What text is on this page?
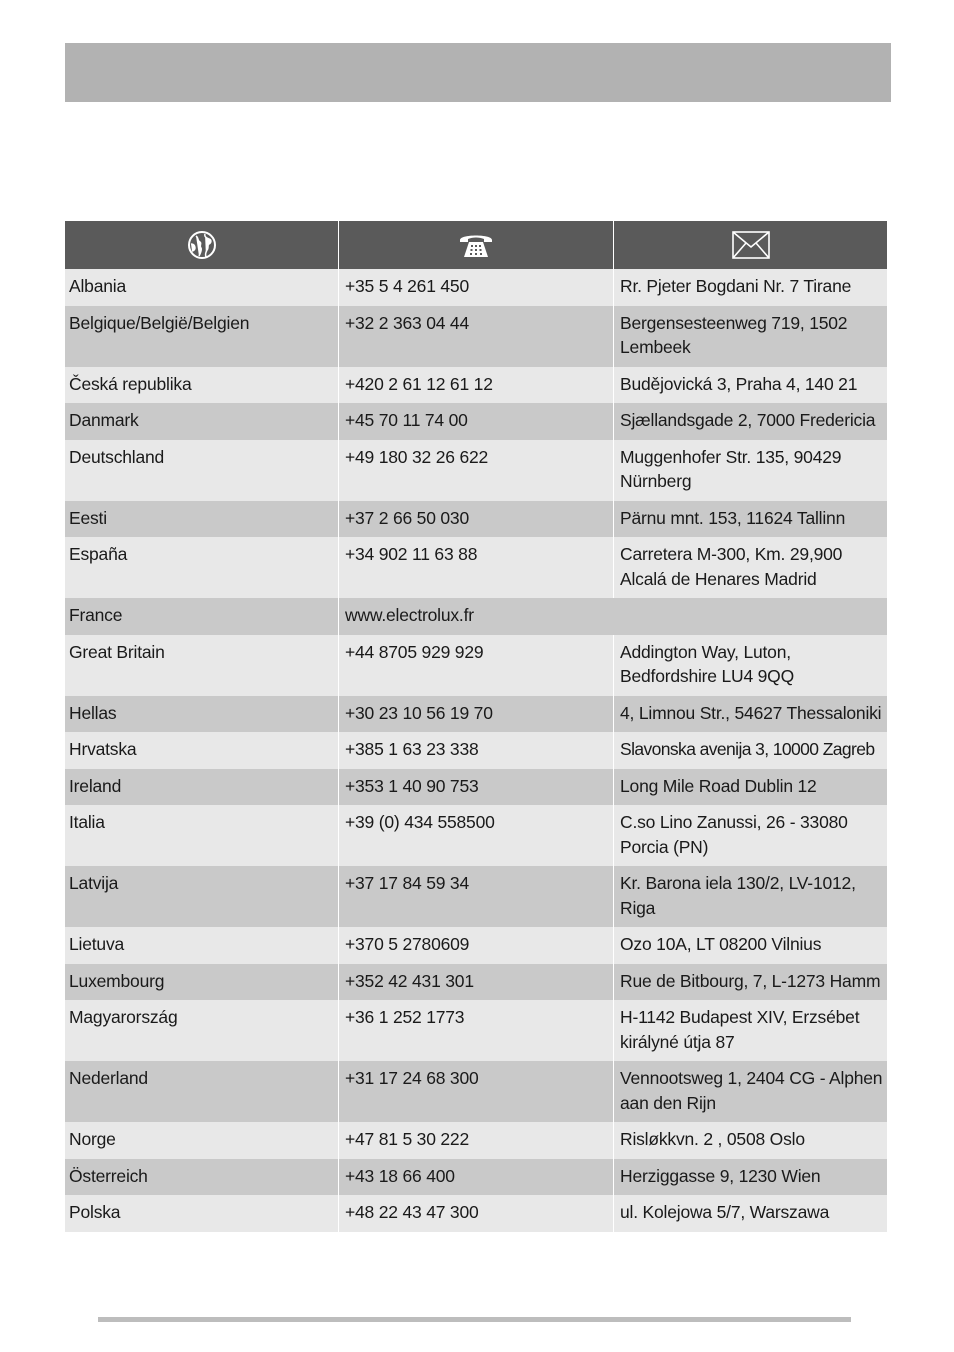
Albania	+35 5 4 261 450	Rr. Pjeter Bogdani Nr. 7 Tirane
Belgique/België/Belgien	+32 2 363 04 44	Bergensesteenweg 719, 1502 Lembeek
Česká republika	+420 2 61 12 61 12	Budějovická 3, Praha 4, 140 21
Danmark	+45 70 11 74 00	Sjællandsgade 2, 7000 Fredericia
Deutschland	+49 180 32 26 622	Muggenhofer Str. 135, 90429 Nürnberg
Eesti	+37 2 66 50 030	Pärnu mnt. 153, 11624 Tallinn
España	+34 902 11 63 88	Carretera M-300, Km. 29,900 Alcalá de Henares Madrid
France	www.electrolux.fr
Great Britain	+44 8705 929 929	Addington Way, Luton, Bedfordshire LU4 9QQ
Hellas	+30 23 10 56 19 70	4, Limnou Str., 54627 Thessaloniki
Hrvatska	+385 1 63 23 338	Slavonska avenija 3, 10000 Zagreb
Ireland	+353 1 40 90 753	Long Mile Road Dublin 12
Italia	+39 (0) 434 558500	C.so Lino Zanussi, 26 - 33080 Porcia (PN)
Latvija	+37 17 84 59 34	Kr. Barona iela 130/2, LV-1012, Riga
Lietuva	+370 5 2780609	Ozo 10A, LT 08200 Vilnius
Luxembourg	+352 42 431 301	Rue de Bitbourg, 7, L-1273 Hamm
Magyarország	+36 1 252 1773	H-1142 Budapest XIV, Erzsébet királyné útja 87
Nederland	+31 17 24 68 300	Vennootsweg 1, 2404 CG - Alphen aan den Rijn
Norge	+47 81 5 30 222	Risløkkvn. 2 , 0508 Oslo
Österreich	+43 18 66 400	Herziggasse 9, 1230 Wien
Polska	+48 22 43 47 300	ul. Kolejowa 5/7, Warszawa
